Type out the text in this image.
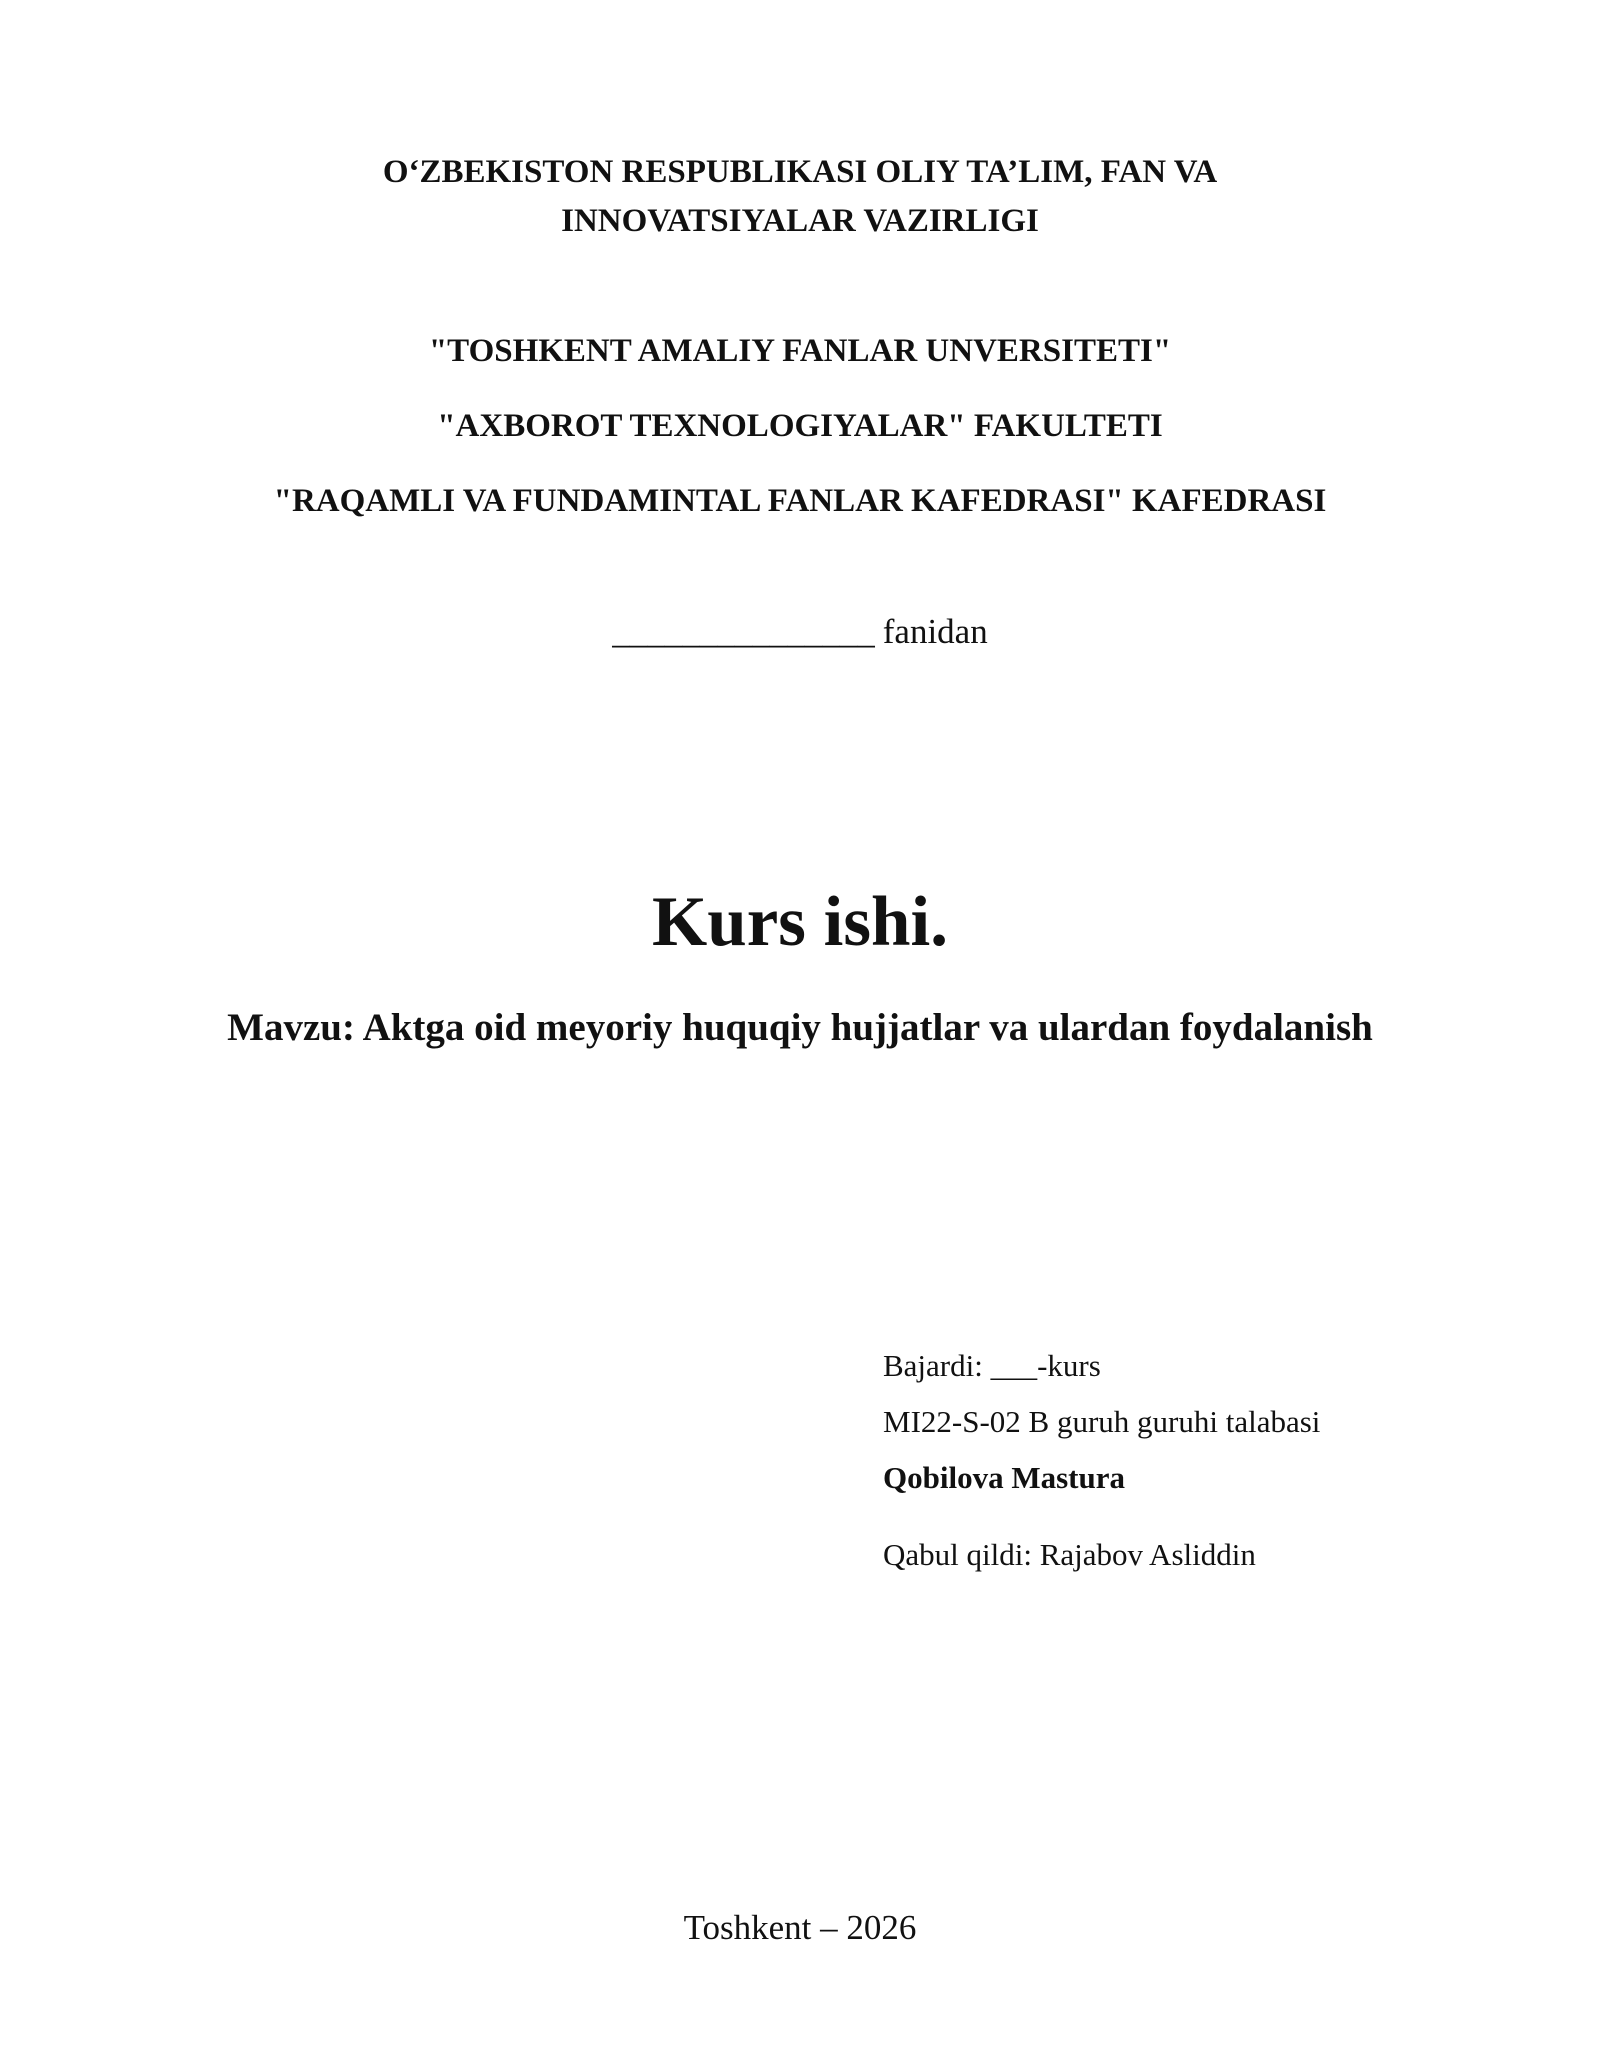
O‘ZBEKISTON RESPUBLIKASI OLIY TA’LIM, FAN VA
INNOVATSIYALAR VAZIRLIGI
"TOSHKENT AMALIY FANLAR UNVERSITETI"
"AXBOROT TEXNOLOGIYALAR" FAKULTETI
"RAQAMLI VA FUNDAMINTAL FANLAR KAFEDRASI" KAFEDRASI
_______________ fanidan
Kurs ishi.
Mavzu: Aktga oid meyoriy huquqiy hujjatlar va ulardan foydalanish
Bajardi: ___-kurs
MI22-S-02 B guruh guruhi talabasi
Qobilova Mastura
Qabul qildi: Rajabov Asliddin
Toshkent – 2026
